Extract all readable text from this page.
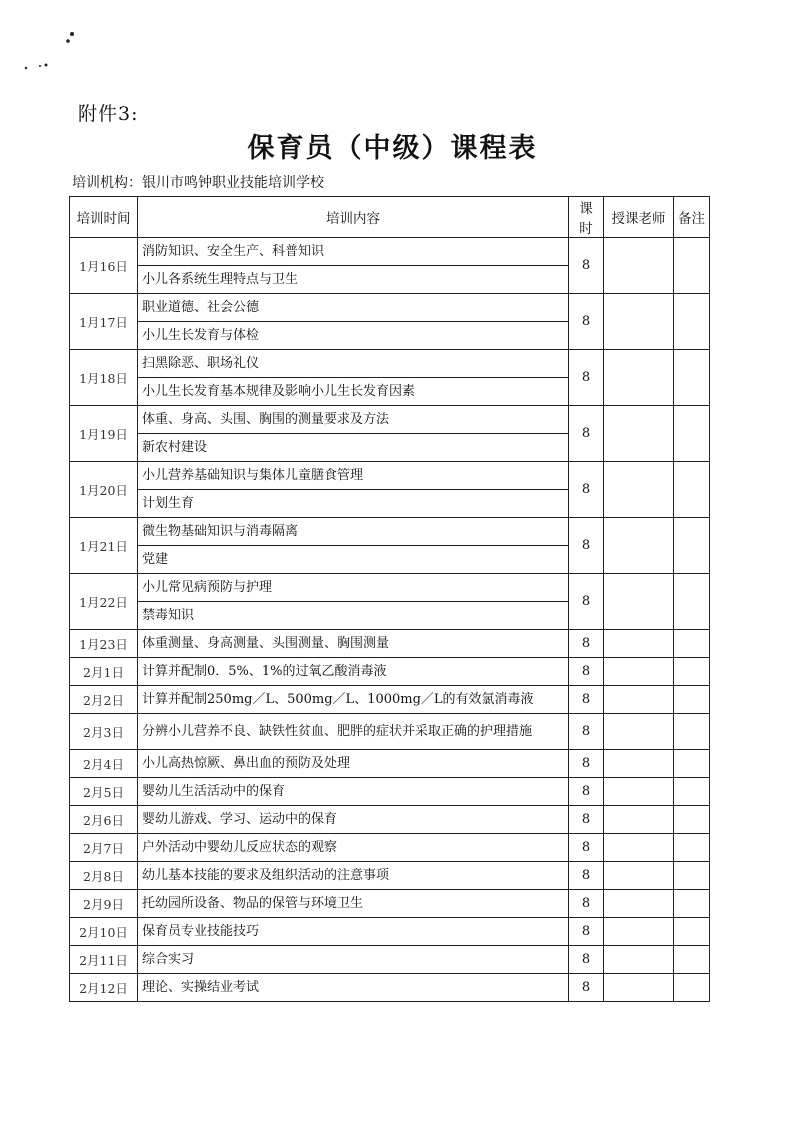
附件3:
保育员（中级）课程表
培训机构：银川市鸣钟职业技能培训学校
培训时间	培训内容	课时	授课老师	备注
1月16日	消防知识、安全生产、科普知识	8		
	小儿各系统生理特点与卫生			
1月17日	职业道德、社会公德	8		
	小儿生长发育与体检			
1月18日	扫黑除恶、职场礼仪	8		
	小儿生长发育基本规律及影响小儿生长发育因素			
1月19日	体重、身高、头围、胸围的测量要求及方法	8		
	新农村建设			
1月20日	小儿营养基础知识与集体儿童膳食管理	8		
	计划生育			
1月21日	微生物基础知识与消毒隔离	8		
	党建			
1月22日	小儿常见病预防与护理	8		
	禁毒知识			
1月23日	体重测量、身高测量、头围测量、胸围测量	8		
2月1日	计算并配制0．5%、1%的过氧乙酸消毒液	8		
2月2日	计算并配制250mg／L、500mg／L、1000mg／L的有效氯消毒液	8		
2月3日	分辨小儿营养不良、缺铁性贫血、肥胖的症状并采取正确的护理措施	8		
2月4日	小儿高热惊厥、鼻出血的预防及处理	8		
2月5日	婴幼儿生活活动中的保育	8		
2月6日	婴幼儿游戏、学习、运动中的保育	8		
2月7日	户外活动中婴幼儿反应状态的观察	8		
2月8日	幼儿基本技能的要求及组织活动的注意事项	8		
2月9日	托幼园所设备、物品的保管与环境卫生	8		
2月10日	保育员专业技能技巧	8		
2月11日	综合实习	8		
2月12日	理论、实操结业考试	8		
